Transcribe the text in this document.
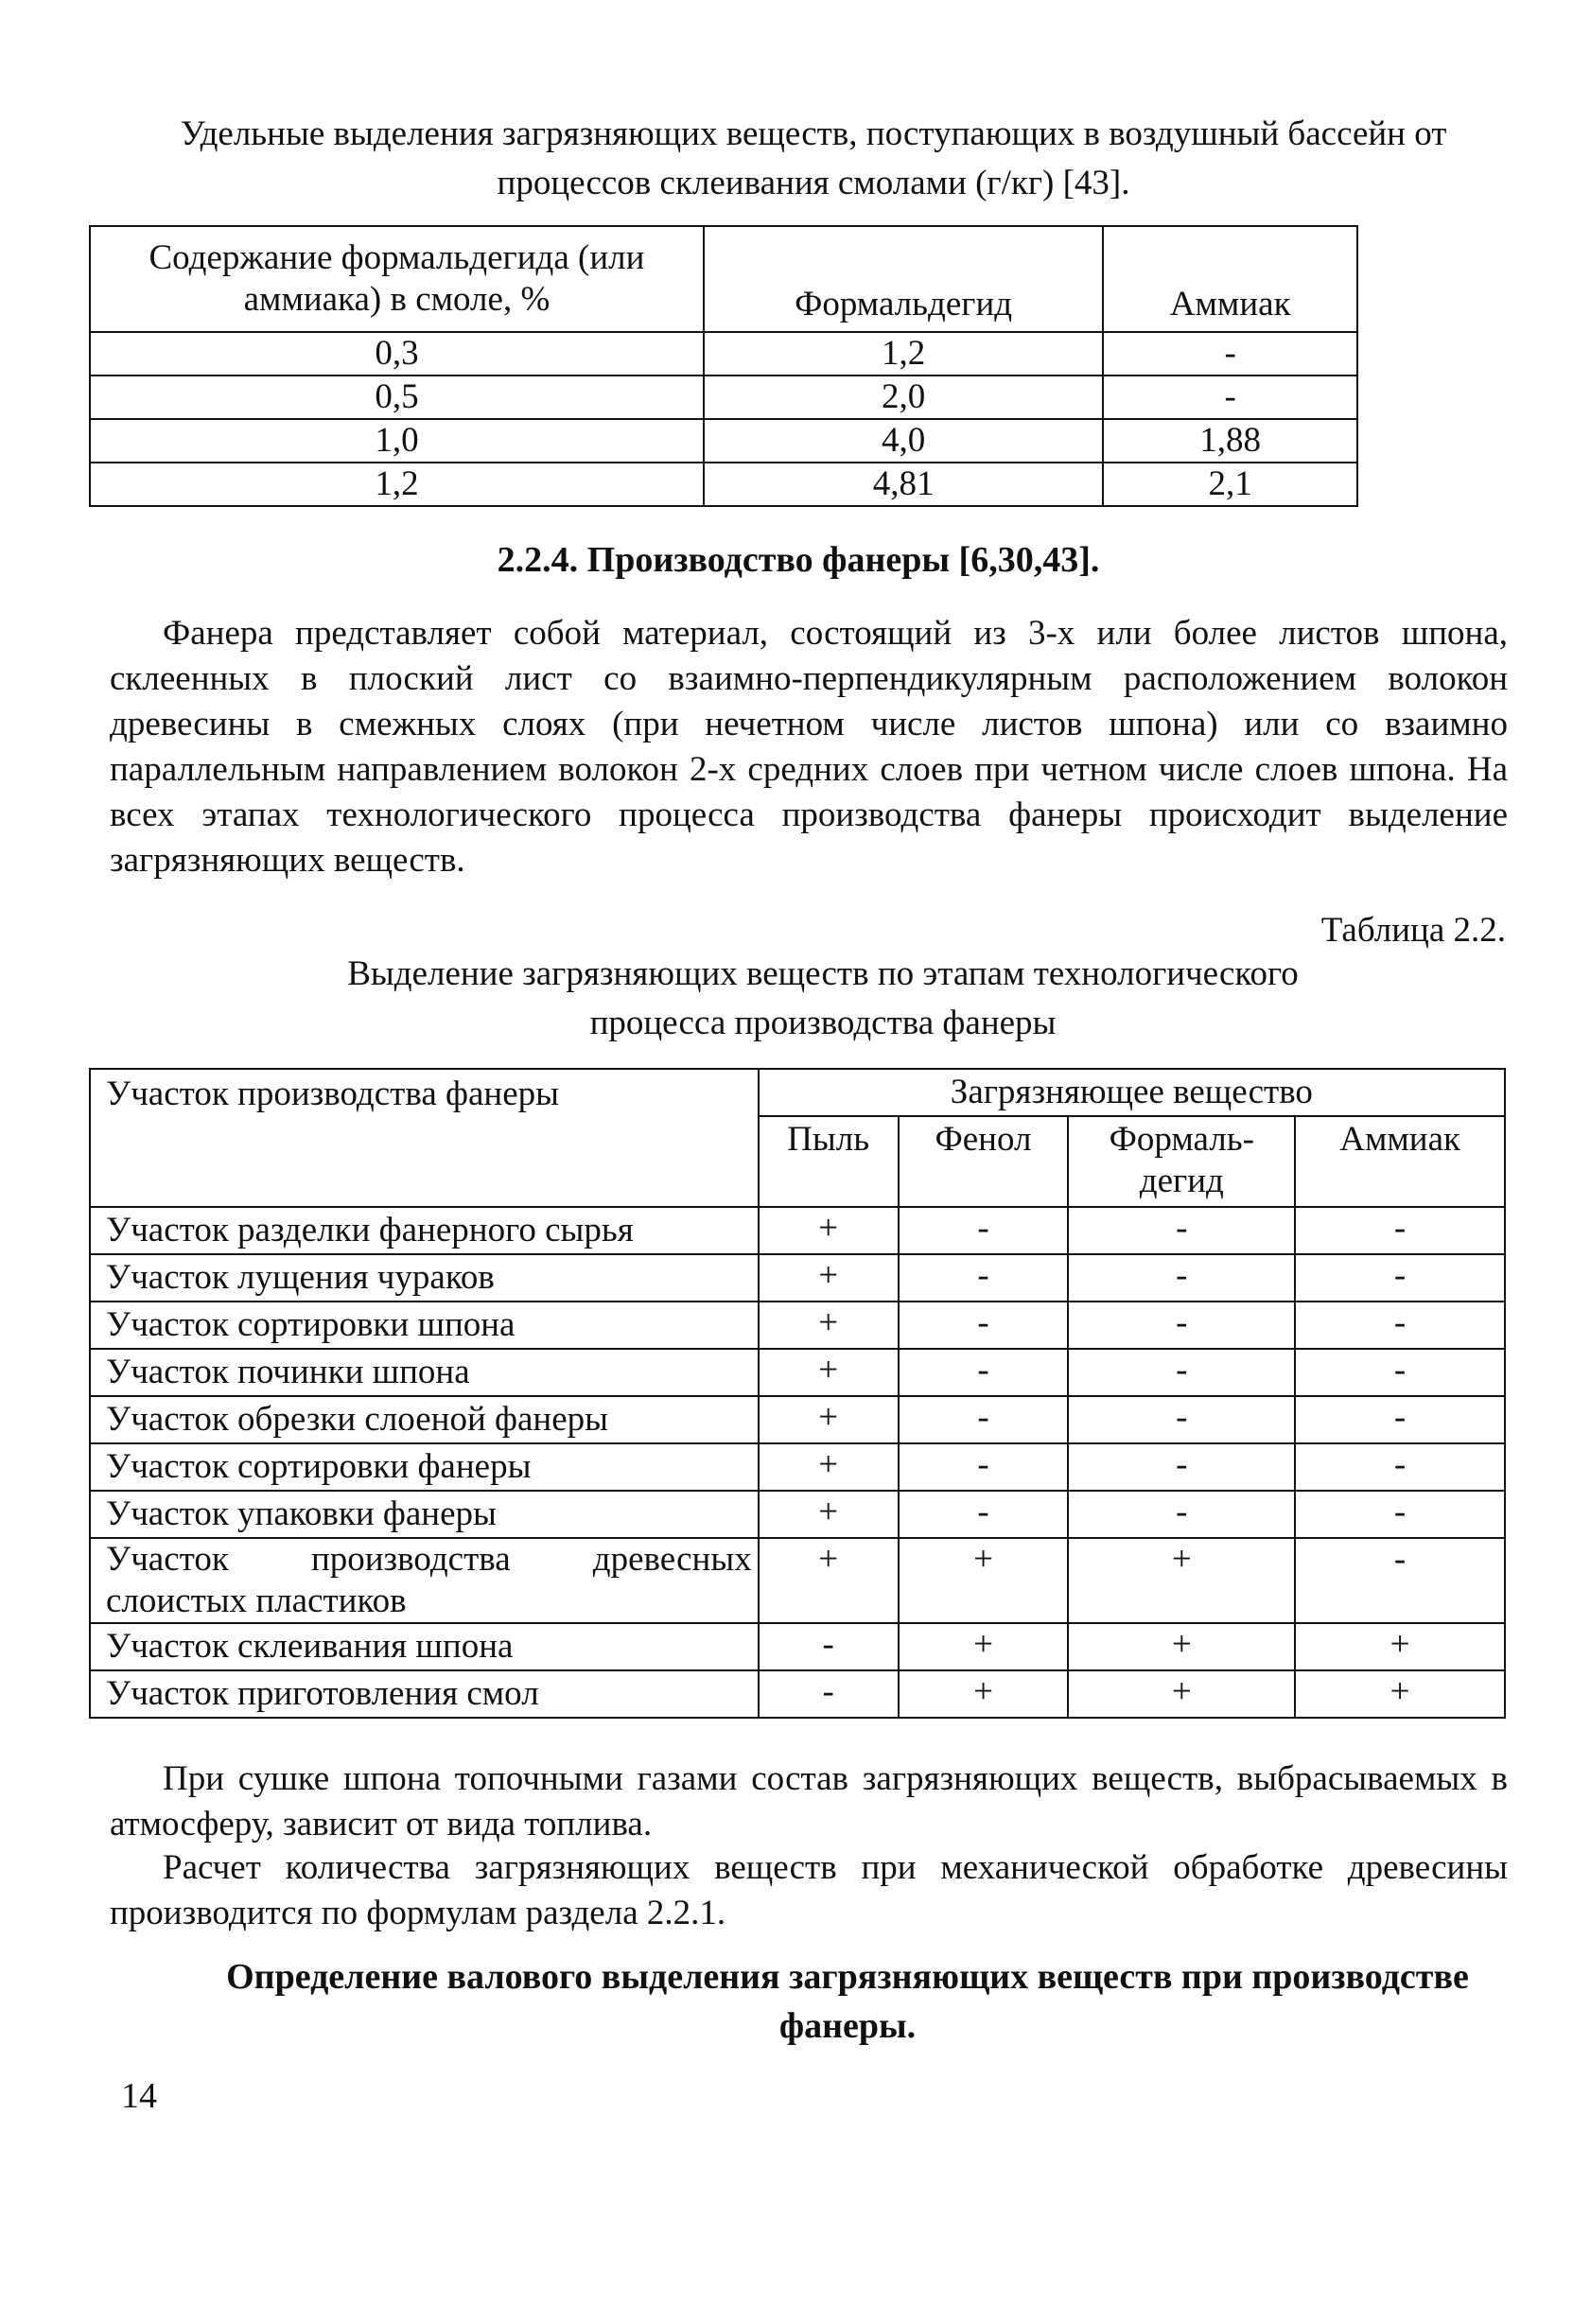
Удельные выделения загрязняющих веществ, поступающих в воздушный бассейн от процессов склеивания смолами (г/кг) [43].
Содержание формальдегида (или аммиака) в смоле, %	Формальдегид	Аммиак
0,3	1,2	-
0,5	2,0	-
1,0	4,0	1,88
1,2	4,81	2,1
2.2.4. Производство фанеры [6,30,43].
Фанера представляет собой материал, состоящий из 3-х или более листов шпона, склеенных в плоский лист со взаимно-перпендикулярным расположением волокон древесины в смежных слоях (при нечетном числе листов шпона) или со взаимно параллельным направлением волокон 2-х средних слоев при четном числе слоев шпона. На всех этапах технологического процесса производства фанеры происходит выделение загрязняющих веществ.
Таблица 2.2.
Выделение загрязняющих веществ по этапам технологического
процесса производства фанеры
Участок производства фанеры	Загрязняющее вещество			
	Пыль	Фенол	Формаль-дегид	Аммиак
Участок разделки фанерного сырья	+	-	-	-
Участок лущения чураков	+	-	-	-
Участок сортировки шпона	+	-	-	-
Участок починки шпона	+	-	-	-
Участок обрезки слоеной фанеры	+	-	-	-
Участок сортировки фанеры	+	-	-	-
Участок упаковки фанеры	+	-	-	-
Участок производства древесных слоистых пластиков	+	+	+	-
Участок склеивания шпона	-	+	+	+
Участок приготовления смол	-	+	+	+
При сушке шпона топочными газами состав загрязняющих веществ, выбрасываемых в атмосферу, зависит от вида топлива.
Расчет количества загрязняющих веществ при механической обработке древесины производится по формулам раздела 2.2.1.
Определение валового выделения загрязняющих веществ при производстве фанеры.
14
